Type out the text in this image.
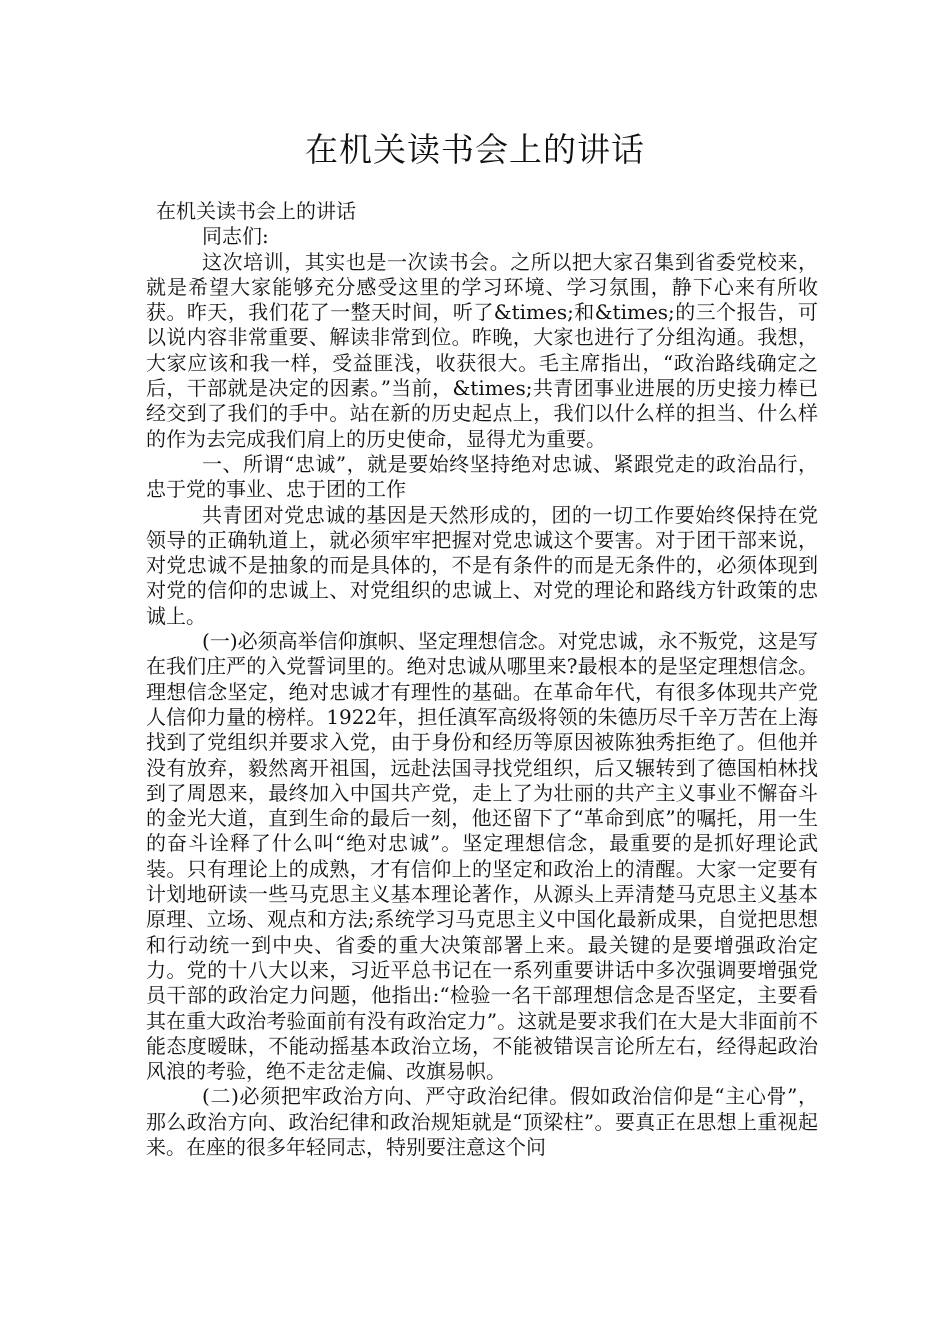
在机关读书会上的讲话

在机关读书会上的讲话

同志们:

这次培训，其实也是一次读书会。之所以把大家召集到省委党校来，就是希望大家能够充分感受这里的学习环境、学习氛围，静下心来有所收获。昨天，我们花了一整天时间，听了&times;和&times;的三个报告，可以说内容非常重要、解读非常到位。昨晚，大家也进行了分组沟通。我想，大家应该和我一样，受益匪浅，收获很大。毛主席指出，“政治路线确定之后，干部就是决定的因素。”当前，&times;共青团事业进展的历史接力棒已经交到了我们的手中。站在新的历史起点上，我们以什么样的担当、什么样的作为去完成我们肩上的历史使命，显得尤为重要。

一、所谓“忠诚”，就是要始终坚持绝对忠诚、紧跟党走的政治品行，忠于党的事业、忠于团的工作

共青团对党忠诚的基因是天然形成的，团的一切工作要始终保持在党领导的正确轨道上，就必须牢牢把握对党忠诚这个要害。对于团干部来说，对党忠诚不是抽象的而是具体的，不是有条件的而是无条件的，必须体现到对党的信仰的忠诚上、对党组织的忠诚上、对党的理论和路线方针政策的忠诚上。

(一)必须高举信仰旗帜、坚定理想信念。对党忠诚，永不叛党，这是写在我们庄严的入党誓词里的。绝对忠诚从哪里来?最根本的是坚定理想信念。理想信念坚定，绝对忠诚才有理性的基础。在革命年代，有很多体现共产党人信仰力量的榜样。1922年，担任滇军高级将领的朱德历尽千辛万苦在上海找到了党组织并要求入党，由于身份和经历等原因被陈独秀拒绝了。但他并没有放弃，毅然离开祖国，远赴法国寻找党组织，后又辗转到了德国柏林找到了周恩来，最终加入中国共产党，走上了为壮丽的共产主义事业不懈奋斗的金光大道，直到生命的最后一刻，他还留下了“革命到底”的嘱托，用一生的奋斗诠释了什么叫“绝对忠诚”。坚定理想信念，最重要的是抓好理论武装。只有理论上的成熟，才有信仰上的坚定和政治上的清醒。大家一定要有计划地研读一些马克思主义基本理论著作，从源头上弄清楚马克思主义基本原理、立场、观点和方法;系统学习马克思主义中国化最新成果，自觉把思想和行动统一到中央、省委的重大决策部署上来。最关键的是要增强政治定力。党的十八大以来，习近平总书记在一系列重要讲话中多次强调要增强党员干部的政治定力问题，他指出:“检验一名干部理想信念是否坚定，主要看其在重大政治考验面前有没有政治定力”。这就是要求我们在大是大非面前不能态度暧昧，不能动摇基本政治立场，不能被错误言论所左右，经得起政治风浪的考验，绝不走岔走偏、改旗易帜。

(二)必须把牢政治方向、严守政治纪律。假如政治信仰是“主心骨”，那么政治方向、政治纪律和政治规矩就是“顶梁柱”。要真正在思想上重视起来。在座的很多年轻同志，特别要注意这个问
